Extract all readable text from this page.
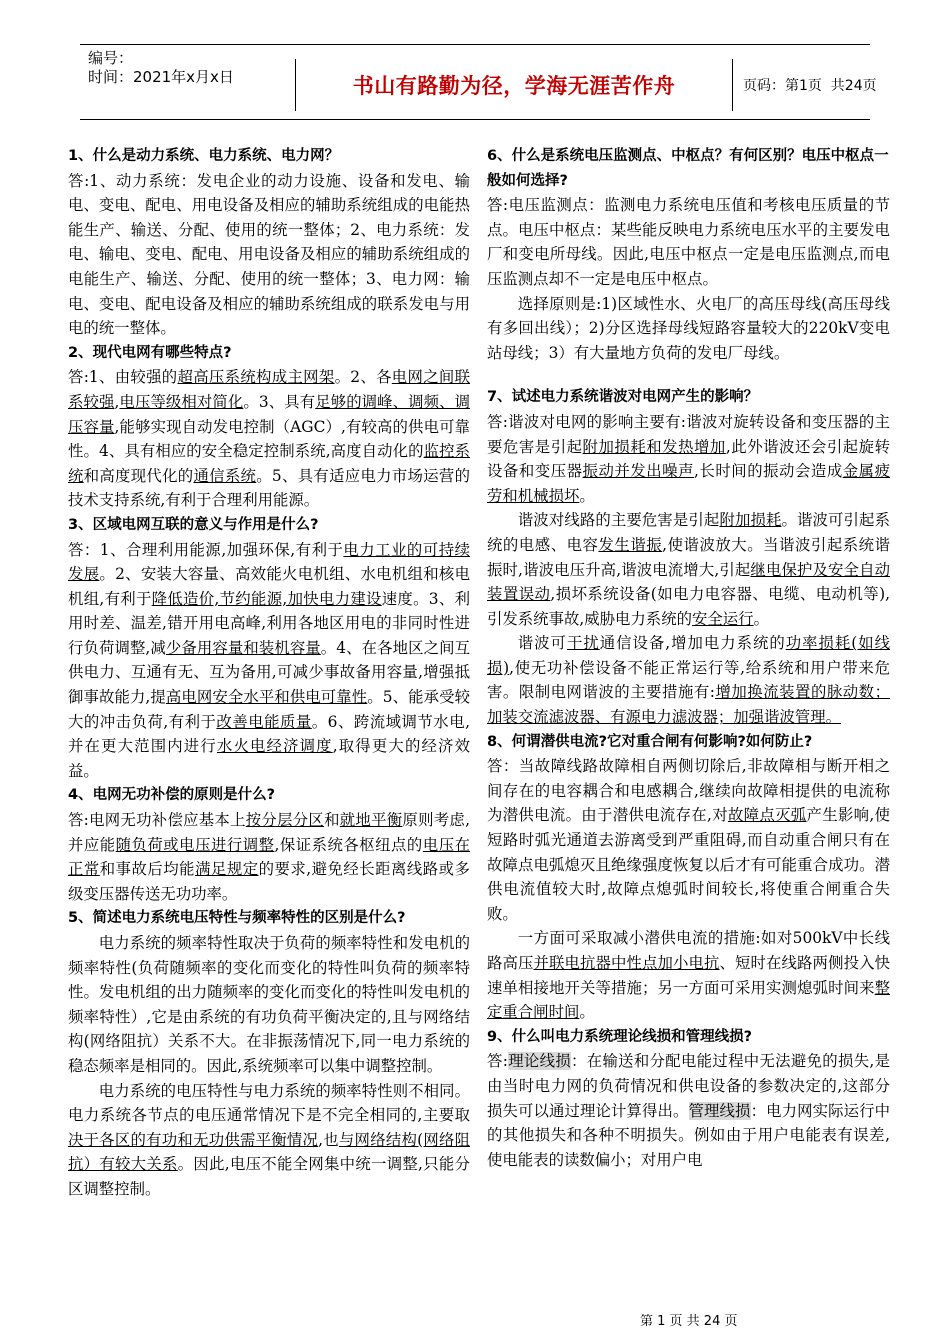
编号：
时间：2021年x月x日	书山有路勤为径，学海无涯苦作舟	页码：第1页  共24页
1、什么是动力系统、电力系统、电力网？
答:1、动力系统：发电企业的动力设施、设备和发电、输电、变电、配电、用电设备及相应的辅助系统组成的电能热能生产、输送、分配、使用的统一整体；2、电力系统：发电、输电、变电、配电、用电设备及相应的辅助系统组成的电能生产、输送、分配、使用的统一整体；3、电力网：输电、变电、配电设备及相应的辅助系统组成的联系发电与用电的统一整体。
2、现代电网有哪些特点?
答:1、由较强的超高压系统构成主网架。2、各电网之间联系较强,电压等级相对简化。3、具有足够的调峰、调频、调压容量,能够实现自动发电控制（AGC）,有较高的供电可靠性。4、具有相应的安全稳定控制系统,高度自动化的监控系统和高度现代化的通信系统。5、具有适应电力市场运营的技术支持系统,有利于合理利用能源。
3、区域电网互联的意义与作用是什么?
答：1、合理利用能源,加强环保,有利于电力工业的可持续发展。2、安装大容量、高效能火电机组、水电机组和核电机组,有利于降低造价,节约能源,加快电力建设速度。3、利用时差、温差,错开用电高峰,利用各地区用电的非同时性进行负荷调整,减少备用容量和装机容量。4、在各地区之间互供电力、互通有无、互为备用,可减少事故备用容量,增强抵御事故能力,提高电网安全水平和供电可靠性。5、能承受较大的冲击负荷,有利于改善电能质量。6、跨流域调节水电,并在更大范围内进行水火电经济调度,取得更大的经济效益。
4、电网无功补偿的原则是什么?
答:电网无功补偿应基本上按分层分区和就地平衡原则考虑,并应能随负荷或电压进行调整,保证系统各枢纽点的电压在正常和事故后均能满足规定的要求,避免经长距离线路或多级变压器传送无功功率。
5、简述电力系统电压特性与频率特性的区别是什么?
电力系统的频率特性取决于负荷的频率特性和发电机的频率特性(负荷随频率的变化而变化的特性叫负荷的频率特性。发电机组的出力随频率的变化而变化的特性叫发电机的频率特性）,它是由系统的有功负荷平衡决定的,且与网络结构(网络阻抗）关系不大。在非振荡情况下,同一电力系统的稳态频率是相同的。因此,系统频率可以集中调整控制。
电力系统的电压特性与电力系统的频率特性则不相同。电力系统各节点的电压通常情况下是不完全相同的,主要取决于各区的有功和无功供需平衡情况,也与网络结构(网络阻抗）有较大关系。因此,电压不能全网集中统一调整,只能分区调整控制。
6、什么是系统电压监测点、中枢点？有何区别？电压中枢点一般如何选择?
答:电压监测点：监测电力系统电压值和考核电压质量的节点。电压中枢点：某些能反映电力系统电压水平的主要发电厂和变电所母线。因此,电压中枢点一定是电压监测点,而电压监测点却不一定是电压中枢点。
选择原则是:1)区域性水、火电厂的高压母线(高压母线有多回出线）；2)分区选择母线短路容量较大的220kV变电站母线；3）有大量地方负荷的发电厂母线。
7、试述电力系统谐波对电网产生的影响？
答:谐波对电网的影响主要有:谐波对旋转设备和变压器的主要危害是引起附加损耗和发热增加,此外谐波还会引起旋转设备和变压器振动并发出噪声,长时间的振动会造成金属疲劳和机械损坏。
谐波对线路的主要危害是引起附加损耗。谐波可引起系统的电感、电容发生谐振,使谐波放大。当谐波引起系统谐振时,谐波电压升高,谐波电流增大,引起继电保护及安全自动装置误动,损坏系统设备(如电力电容器、电缆、电动机等),引发系统事故,威胁电力系统的安全运行。
谐波可干扰通信设备,增加电力系统的功率损耗(如线损),使无功补偿设备不能正常运行等,给系统和用户带来危害。限制电网谐波的主要措施有:增加换流装置的脉动数；加装交流滤波器、有源电力滤波器；加强谐波管理。
8、何谓潜供电流?它对重合闸有何影响?如何防止?
答：当故障线路故障相自两侧切除后,非故障相与断开相之间存在的电容耦合和电感耦合,继续向故障相提供的电流称为潜供电流。由于潜供电流存在,对故障点灭弧产生影响,使短路时弧光通道去游离受到严重阻碍,而自动重合闸只有在故障点电弧熄灭且绝缘强度恢复以后才有可能重合成功。潜供电流值较大时,故障点熄弧时间较长,将使重合闸重合失败。
一方面可采取减小潜供电流的措施:如对500kV中长线路高压并联电抗器中性点加小电抗、短时在线路两侧投入快速单相接地开关等措施；另一方面可采用实测熄弧时间来整定重合闸时间。
9、什么叫电力系统理论线损和管理线损?
答:理论线损：在输送和分配电能过程中无法避免的损失,是由当时电力网的负荷情况和供电设备的参数决定的,这部分损失可以通过理论计算得出。管理线损：电力网实际运行中的其他损失和各种不明损失。例如由于用户电能表有误差,使电能表的读数偏小；对用户电
第 1 页 共 24 页
